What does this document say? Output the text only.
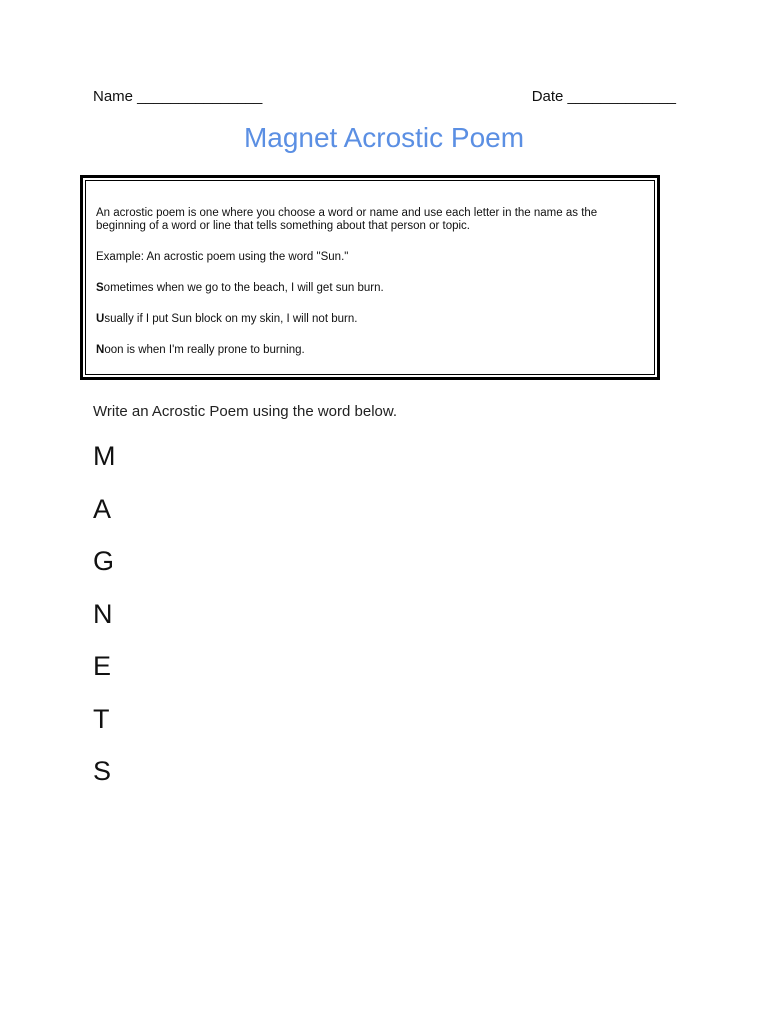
Name _______________	Date _____________
Magnet Acrostic Poem

An acrostic poem is one where you choose a word or name and use each letter in the name as the beginning of a word or line that tells something about that person or topic.

Example: An acrostic poem using the word "Sun."

Sometimes when we go to the beach, I will get sun burn.

Usually if I put Sun block on my skin, I will not burn.

Noon is when I'm really prone to burning.

Write an Acrostic Poem using the word below.
M
A
G
N
E
T
S
